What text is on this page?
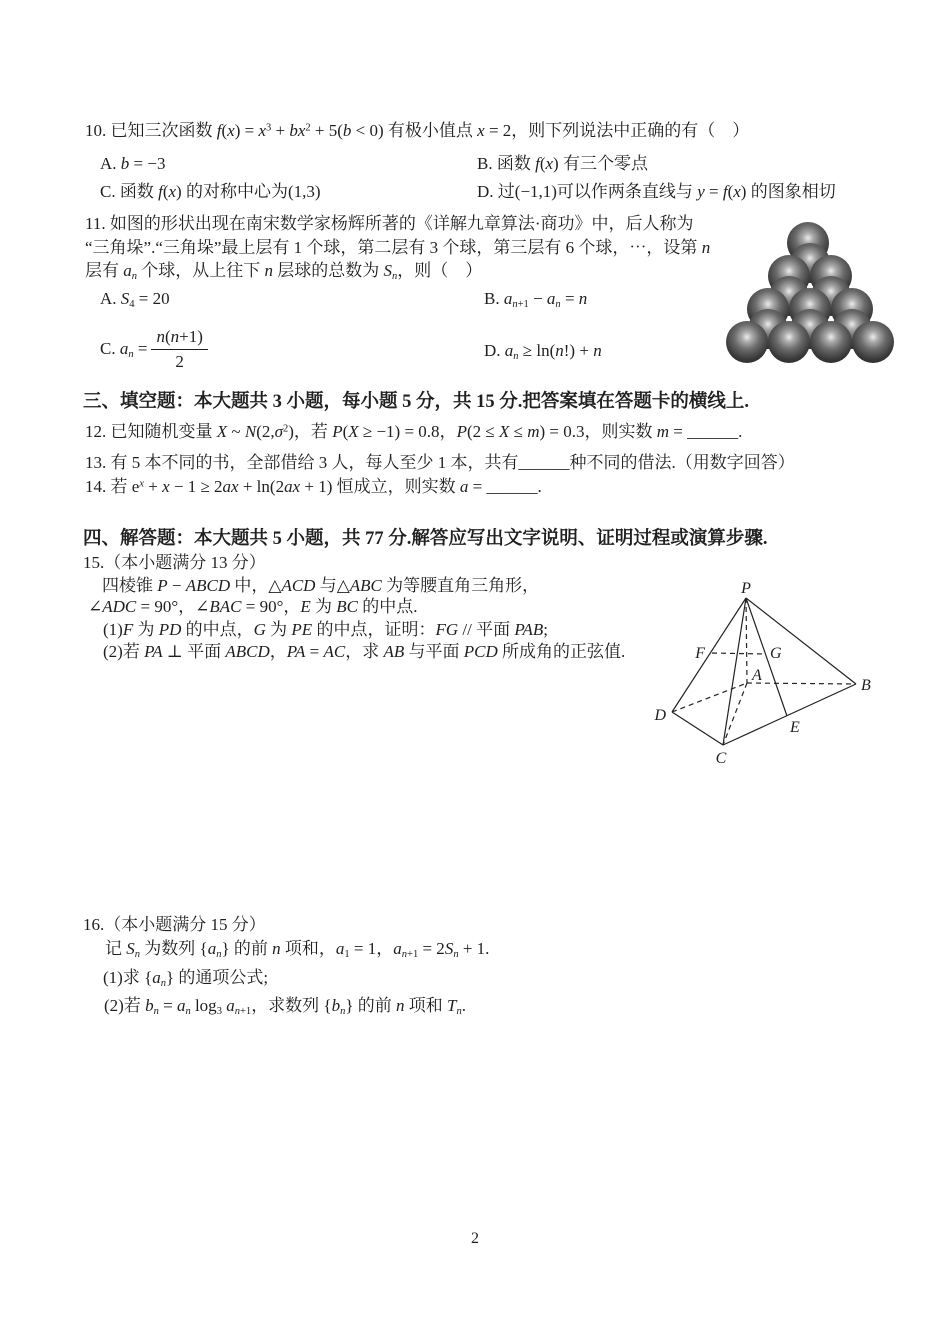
10. 已知三次函数 $f(x) = x^3 + bx^2 + 5(b < 0)$ 有极小值点 x = 2，则下列说法中正确的有（　）
A. b = −3	B. 函数 f(x) 有三个零点
C. 函数 f(x) 的对称中心为(1,3)	D. 过(−1,1)可以作两条直线与 y = f(x) 的图象相切
11. 如图的形状出现在南宋数学家杨辉所著的《详解九章算法·商功》中，后人称为
“三角垛”.“三角垛”最上层有 1 个球，第二层有 3 个球，第三层有 6 个球，⋯，设第 n
层有 $a_n$ 个球，从上往下 n 层球的总数为 $S_n$，则（　）
A. $S_4 = 20$	B. $a_{n+1} - a_n = n$
C. $a_n = \frac{n(n+1)}{2}$	D. $a_n \ge \ln(n!) + n$
三、填空题：本大题共 3 小题，每小题 5 分，共 15 分.把答案填在答题卡的横线上.
12. 已知随机变量 X ~ $N(2,\sigma^2)$，若 P(X ≥ −1) = 0.8，P(2 ≤ X ≤ m) = 0.3，则实数 m = ______.
13. 有 5 本不同的书，全部借给 3 人，每人至少 1 本，共有______种不同的借法.（用数字回答）
14. 若 $e^x + x - 1 \ge 2ax + \ln(2ax + 1)$ 恒成立，则实数 a = ______.
四、解答题：本大题共 5 小题，共 77 分.解答应写出文字说明、证明过程或演算步骤.
15.（本小题满分 13 分）
四棱锥 P − ABCD 中，△ACD 与△ABC 为等腰直角三角形，
∠ADC = 90°，∠BAC = 90°，E 为 BC 的中点.
(1)F 为 PD 的中点，G 为 PE 的中点，证明：FG // 平面 PAB;
(2)若 PA ⊥ 平面 ABCD，PA = AC，求 AB 与平面 PCD 所成角的正弦值.
P
F	G
A
B
D
E
C
16.（本小题满分 15 分）
记 $S_n$ 为数列 $\{a_n\}$ 的前 n 项和，$a_1 = 1$，$a_{n+1} = 2S_n + 1$.
(1)求 $\{a_n\}$ 的通项公式;
(2)若 $b_n = a_n$ $\log_3 a_{n+1}$，求数列 $\{b_n\}$ 的前 n 项和 $T_n$.
2
